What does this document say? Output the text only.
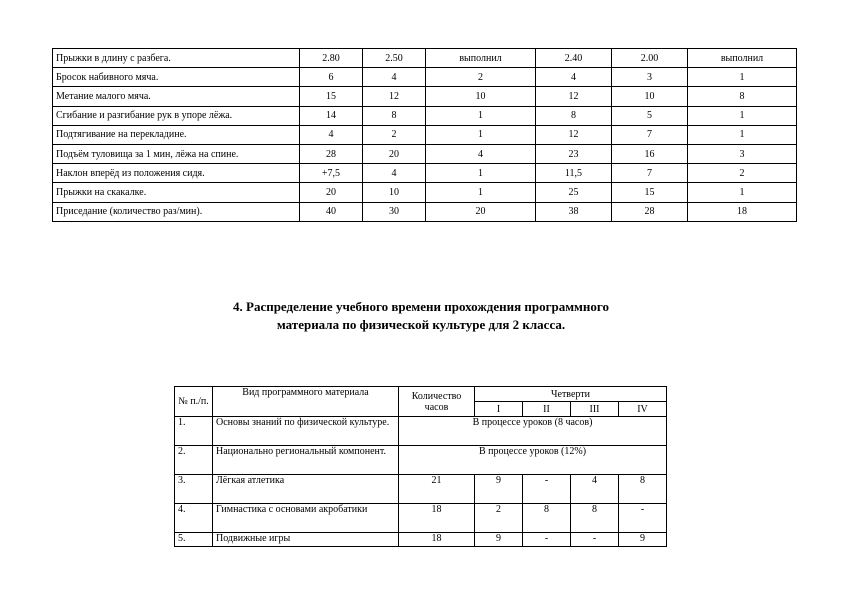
Прыжки в длину с разбега.	2.80	2.50	выполнил	2.40	2.00	выполнил
Бросок набивного мяча.	6	4	2	4	3	1
Метание малого мяча.	15	12	10	12	10	8
Сгибание и разгибание рук в упоре лёжа.	14	8	1	8	5	1
Подтягивание на перекладине.	4	2	1	12	7	1
Подъём туловища за 1 мин, лёжа на спине.	28	20	4	23	16	3
Наклон вперёд из положения сидя.	+7,5	4	1	11,5	7	2
Прыжки на скакалке.	20	10	1	25	15	1
Приседание (количество раз/мин).	40	30	20	38	28	18
4. Распределение учебного времени прохождения программного
материала по физической культуре для 2 класса.
№ п./п.	Вид программного материала	Количество часов	Четверти			
			I	II	III	IV
1.	Основы знаний по физической культуре.	В процессе уроков (8 часов)				
2.	Национально региональный компонент.	В процессе уроков (12%)				
3.	Лёгкая атлетика	21	9	-	4	8
4.	Гимнастика с основами акробатики	18	2	8	8	-
5.	Подвижные игры	18	9	-	-	9
